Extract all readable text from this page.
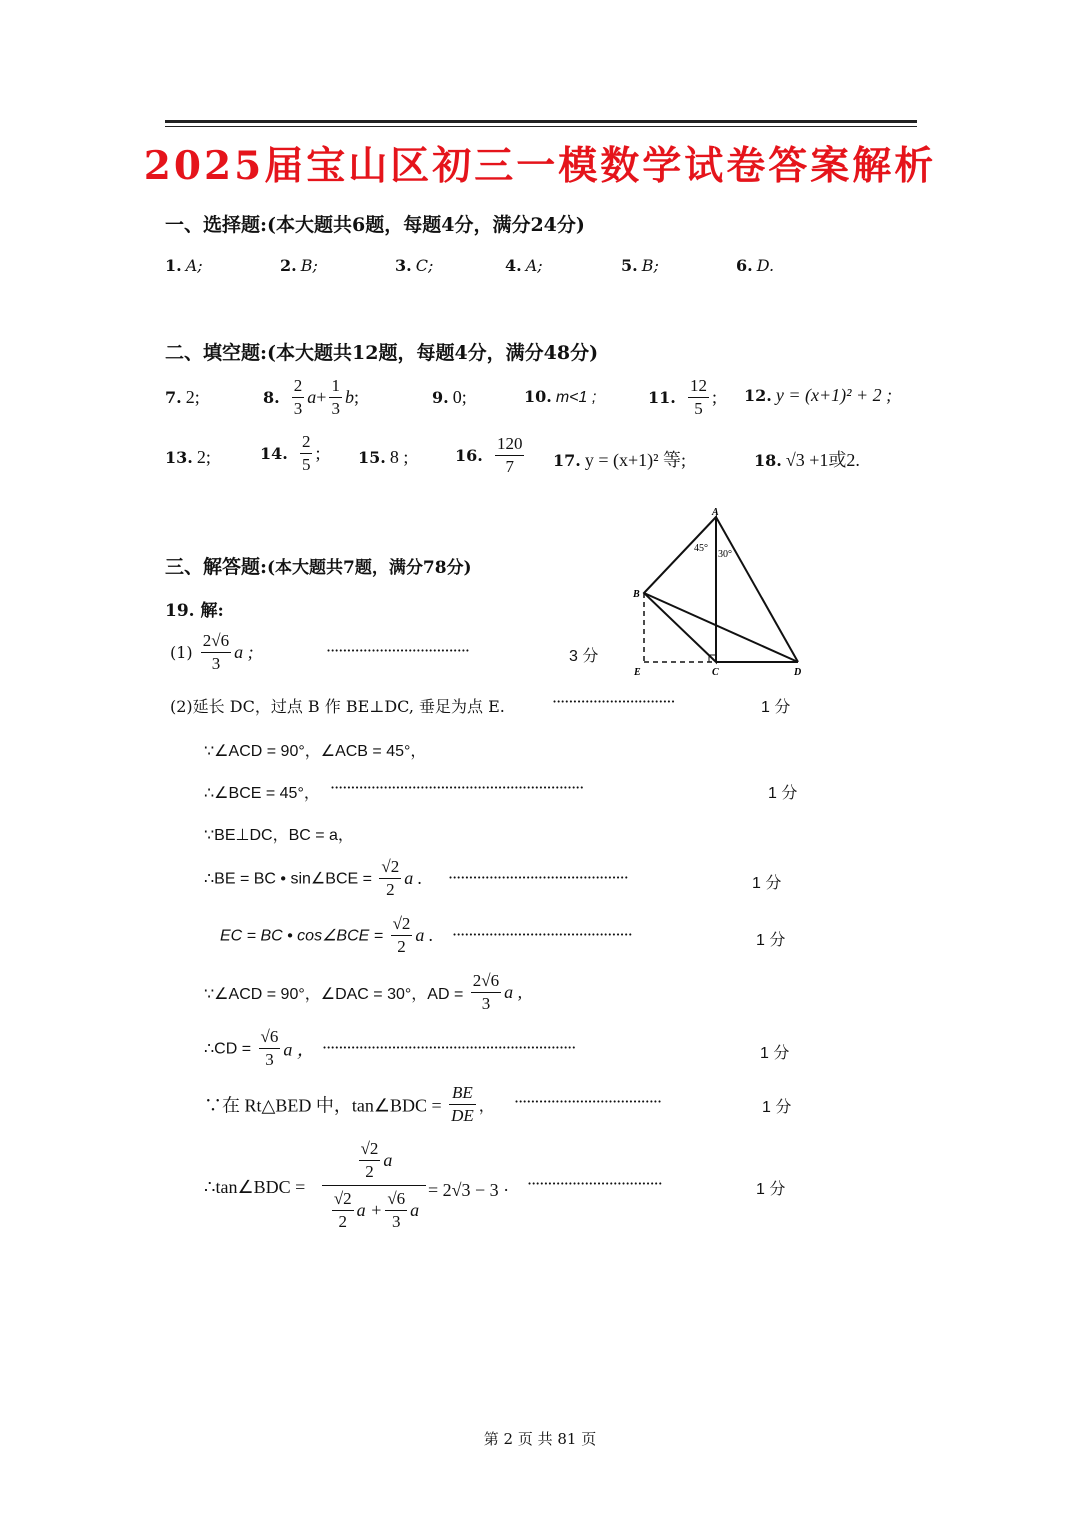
2025届宝山区初三一模数学试卷答案解析
一、选择题:(本大题共6题，每题4分，满分24分)
1. A;	2. B;	3. C;	4. A;	5. B;	6. D.
二、填空题:(本大题共12题，每题4分，满分48分)
7. 2;	8. $\frac{2}{3} a+ \frac{1}{3} b$;	9. 0;	10. m<1 ;	11. $\frac{12}{5}$ ; 12. y = (x+1)² + 2 ;
13. 2;	14. $\frac{2}{5}$ ; 15. 8 ;	16. $\frac{120}{7} 17$. y = (x+1)² 等;	18. √3 +1或2.
三、解答题:(本大题共7题，满分78分)
A
B
C	D
E
45°
30°
19. 解:
$(1) \frac{2√6}{3}$ a ;	···································	3 分
(2)延长 DC，过点 B 作 BE⊥DC, 垂足为点 E.	······························	1 分
∵∠ACD = 90°，∠ACB = 45°，
∴∠BCE = 45°， ······························································	1 分
∵BE⊥DC，BC = a，
∴BE = BC • sin∠BCE = $\frac{√2}{2}$ a . ············································	1 分
EC = BC • cos∠BCE = $\frac{√2}{2}$ a . ············································	1 分
∵∠ACD = 90°，∠DAC = 30°，AD = $\frac{2√6}{3}$ a ,
∴CD = $\frac{√6}{3}$ a ， ······························································	1 分
∵在 Rt△BED 中，tan∠BDC = $\frac{BE}{DE}$ ， ····································	1 分
∴tan∠BDC =
$\frac{√2}{2}$ a
$\frac{√2}{2}$ $a + \frac{√6}{3}$ a
= 2√3 − 3 · ·································	1 分
第 2 页 共 81 页
